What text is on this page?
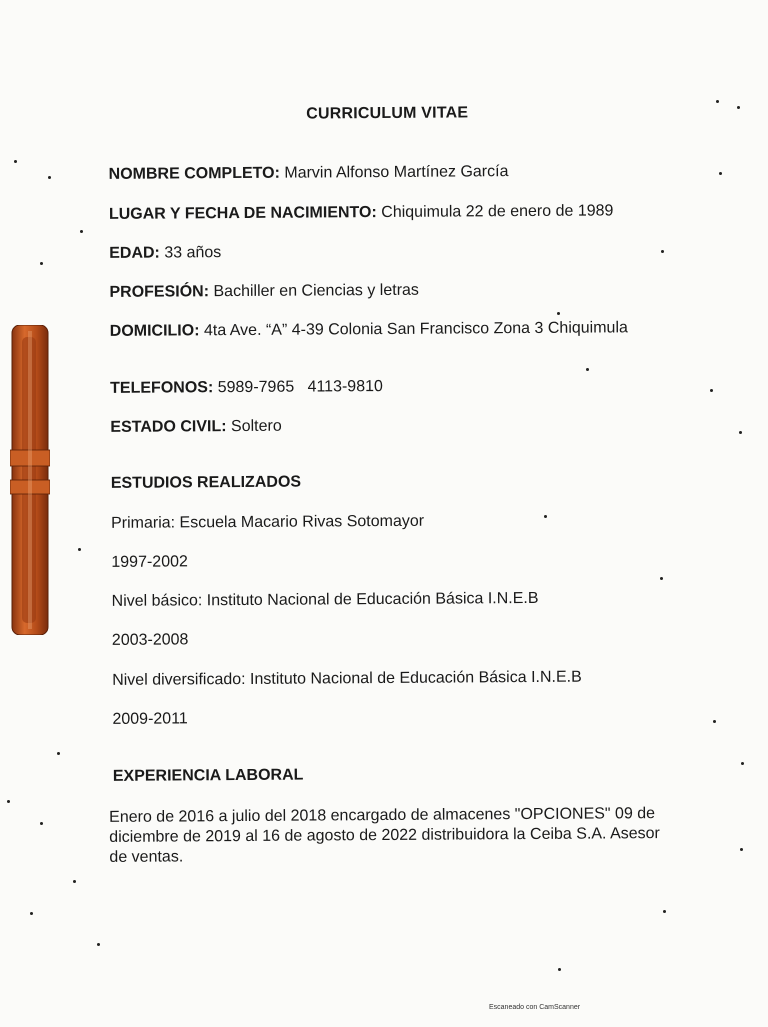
CURRICULUM VITAE
NOMBRE COMPLETO: Marvin Alfonso Martínez García
LUGAR Y FECHA DE NACIMIENTO: Chiquimula 22 de enero de 1989
EDAD: 33 años
PROFESIÓN: Bachiller en Ciencias y letras
DOMICILIO: 4ta Ave. “A” 4-39 Colonia San Francisco Zona 3 Chiquimula
TELEFONOS: 5989-7965   4113-9810
ESTADO CIVIL: Soltero
ESTUDIOS REALIZADOS
Primaria: Escuela Macario Rivas Sotomayor
1997-2002
Nivel básico: Instituto Nacional de Educación Básica I.N.E.B
2003-2008
Nivel diversificado: Instituto Nacional de Educación Básica I.N.E.B
2009-2011
EXPERIENCIA LABORAL
Enero de 2016 a julio del 2018 encargado de almacenes "OPCIONES" 09 de diciembre de 2019 al 16 de agosto de 2022 distribuidora la Ceiba S.A. Asesor de ventas.
Escaneado con CamScanner
